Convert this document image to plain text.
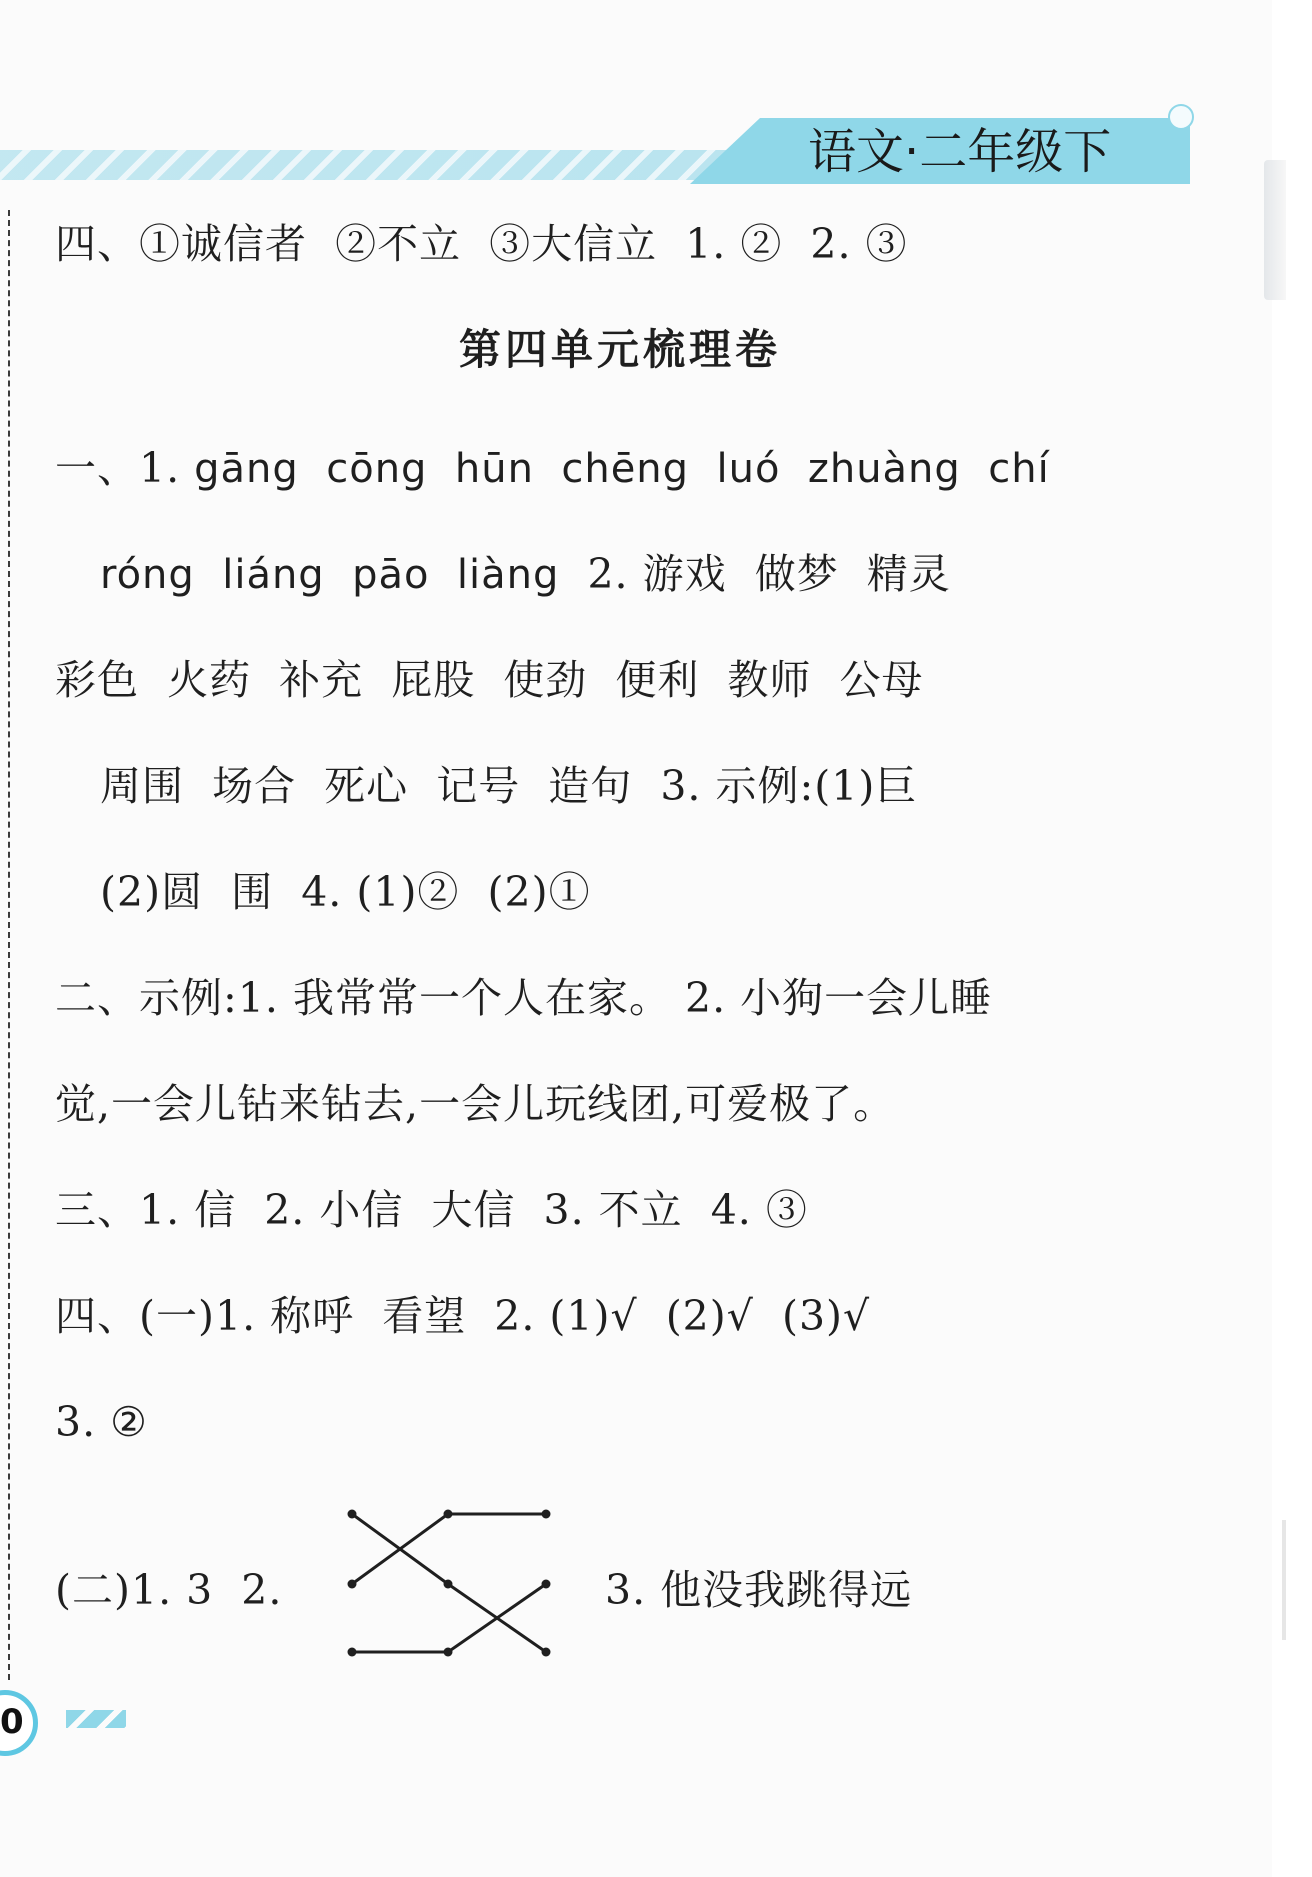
语文·二年级下
四、①诚信者  ②不立  ③大信立  1. ②  2. ③
第四单元梳理卷
一、1. gāng  cōng  hūn  chēng  luó  zhuàng  chí
róng  liáng  pāo  liàng  2. 游戏  做梦  精灵
彩色  火药  补充  屁股  使劲  便利  教师  公母
周围  场合  死心  记号  造句  3. 示例:(1)巨
(2)圆  围  4. (1)②  (2)①
二、示例:1. 我常常一个人在家。 2. 小狗一会儿睡
觉,一会儿钻来钻去,一会儿玩线团,可爱极了。
三、1. 信  2. 小信  大信  3. 不立  4. ③
四、(一)1. 称呼  看望  2. (1)√  (2)√  (3)√
3. ②
(二)1. 3  2.	3. 他没我跳得远
0
